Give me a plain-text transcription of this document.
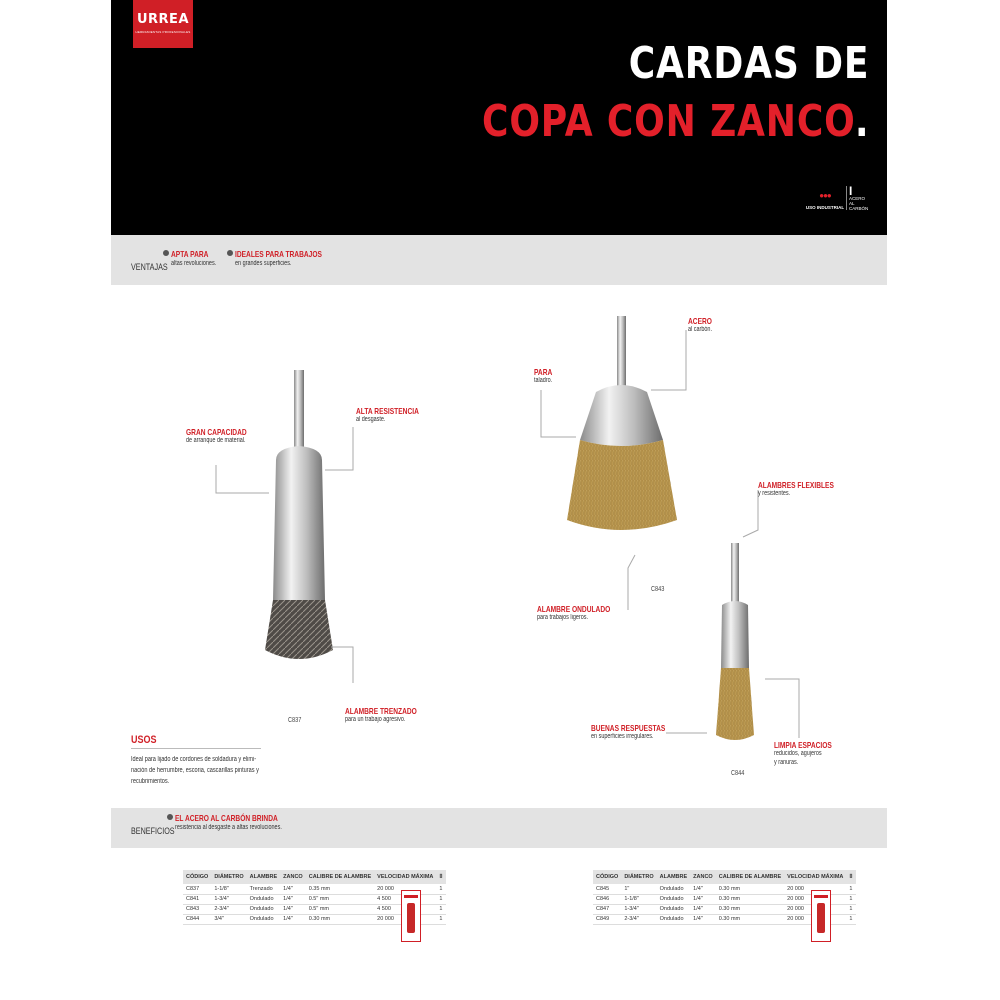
URREA
HERRAMIENTAS PROFESIONALES
CARDAS DE
COPA CON ZANCO.
●●●
USO INDUSTRIAL
I
ACERO AL CARBÓN
VENTAJAS
APTA PARA
altas revoluciones.
IDEALES PARA TRABAJOS
en grandes superficies.
GRAN CAPACIDAD
de arranque de material.
ALTA RESISTENCIA
al desgaste.
ALAMBRE TRENZADO
para un trabajo agresivo.
ACERO
al carbón.
PARA
taladro.
ALAMBRE ONDULADO
para trabajos ligeros.
ALAMBRES FLEXIBLES
y resistentes.
BUENAS RESPUESTAS
en superficies irregulares.
LIMPIA ESPACIOS
reducidos, agujeros
y ranuras.
C837
C843
C844
USOS
Ideal para lijado de cordones de soldadura y elimi-
nación de herrumbre, escoria, cascarillas pinturas y
recubrimientos.
BENEFICIOS
EL ACERO AL CARBÓN BRINDA
resistencia al desgaste a altas revoluciones.
CÓDIGO	DIÁMETRO	ALAMBRE	ZANCO	CALIBRE DE ALAMBRE	VELOCIDAD MÁXIMA	⌷
C837	1-1/8"	Trenzado	1/4"	0.35 mm	20 000	1
C841	1-3/4"	Ondulado	1/4"	0.5" mm	4 500	1
C843	2-3/4"	Ondulado	1/4"	0.5" mm	4 500	1
C844	3/4"	Ondulado	1/4"	0.30 mm	20 000	1
CÓDIGO	DIÁMETRO	ALAMBRE	ZANCO	CALIBRE DE ALAMBRE	VELOCIDAD MÁXIMA	⌷
C845	1"	Ondulado	1/4"	0.30 mm	20 000	1
C846	1-1/8"	Ondulado	1/4"	0.30 mm	20 000	1
C847	1-3/4"	Ondulado	1/4"	0.30 mm	20 000	1
C849	2-3/4"	Ondulado	1/4"	0.30 mm	20 000	1
